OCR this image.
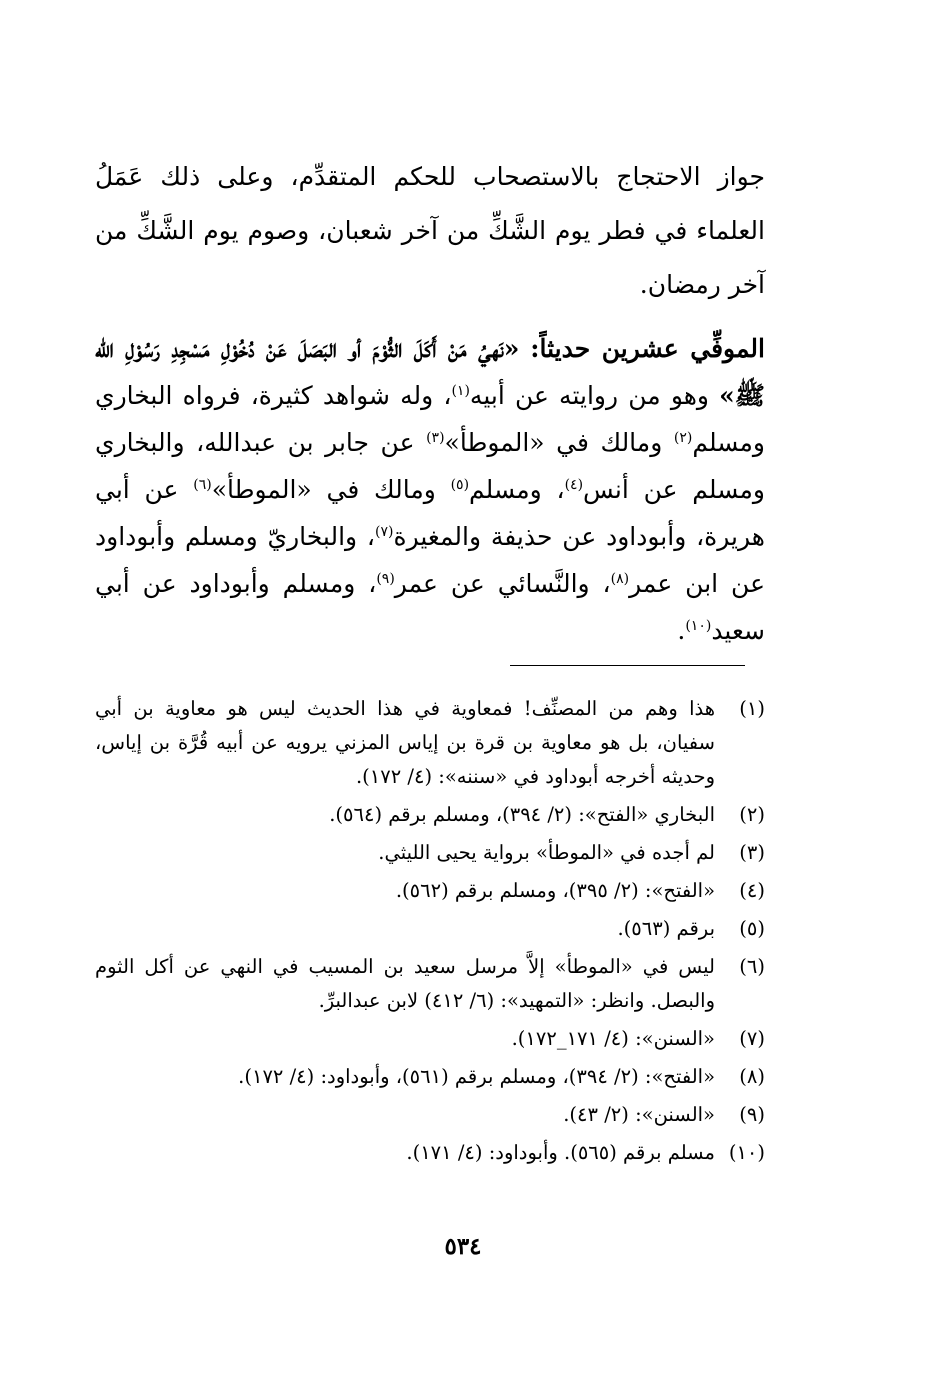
جواز الاحتجاج بالاستصحاب للحكم المتقدِّم، وعلى ذلك عَمَلُ العلماء في فطر يوم الشَّكِّ من آخر شعبان، وصوم يوم الشَّكِّ من آخر رمضان.
الموفِّي عشرين حديثاً: «نَهيُ مَنْ أَكَلَ الثُّوْمَ أو البَصَلَ عَنْ دُخُوْلِ مَسْجِدِ رَسُوْلِ الله ﷺ» وهو من روايته عن أبيه$^{(١)}$، وله شواهد كثيرة، فرواه البخاري ومسلم$^{(٢)}$ ومالك في «الموطأ»$^{(٣)}$ عن جابر بن عبدالله، والبخاري ومسلم عن أنس$^{(٤)}$، ومسلم$^{(٥)}$ ومالك في «الموطأ»$^{(٦)}$ عن أبي هريرة، وأبوداود عن حذيفة والمغيرة$^{(٧)}$، والبخاريّ ومسلم وأبوداود عن ابن عمر$^{(٨)}$، والنَّسائي عن عمر$^{(٩)}$، ومسلم وأبوداود عن أبي سعيد$^{(١٠)}$.
(١)
هذا وهم من المصنِّف! فمعاوية في هذا الحديث ليس هو معاوية بن أبي سفيان، بل هو معاوية بن قرة بن إياس المزني يرويه عن أبيه قُرَّة بن إياس، وحديثه أخرجه أبوداود في «سننه»: (٤/ ١٧٢).
(٢)
البخاري «الفتح»: (٢/ ٣٩٤)، ومسلم برقم (٥٦٤).
(٣)
لم أجده في «الموطأ» برواية يحيى الليثي.
(٤)
«الفتح»: (٢/ ٣٩٥)، ومسلم برقم (٥٦٢).
(٥)
برقم (٥٦٣).
(٦)
ليس في «الموطأ» إلاَّ مرسل سعيد بن المسيب في النهي عن أكل الثوم والبصل. وانظر: «التمهيد»: (٦/ ٤١٢) لابن عبدالبرِّ.
(٧)
«السنن»: (٤/ ١٧١_١٧٢).
(٨)
«الفتح»: (٢/ ٣٩٤)، ومسلم برقم (٥٦١)، وأبوداود: (٤/ ١٧٢).
(٩)
«السنن»: (٢/ ٤٣).
(١٠)
مسلم برقم (٥٦٥). وأبوداود: (٤/ ١٧١).
٥٣٤
